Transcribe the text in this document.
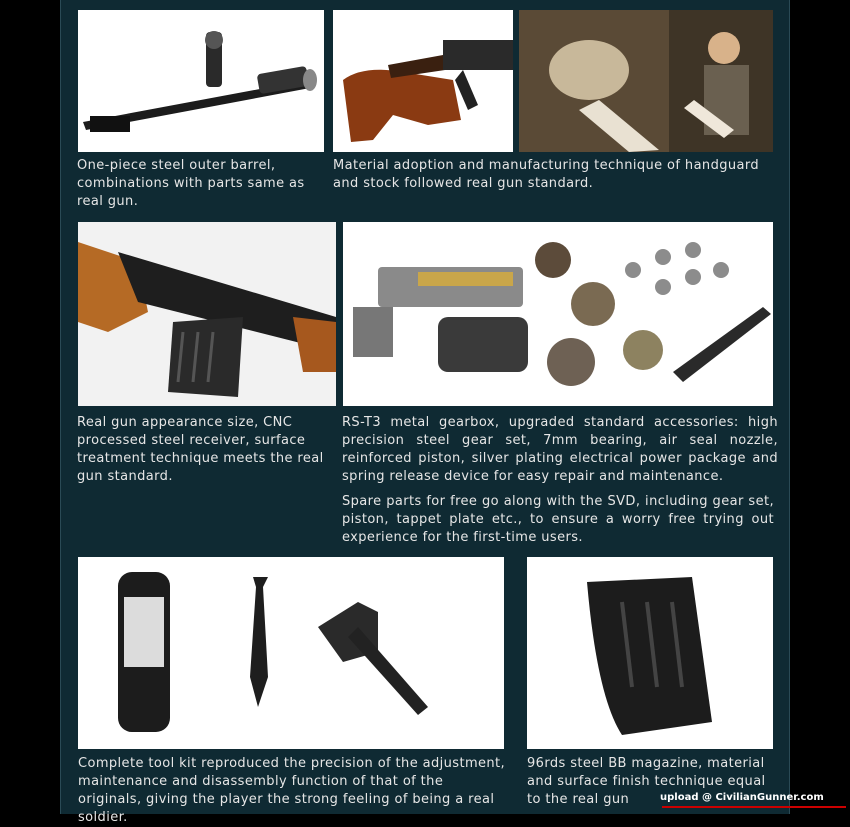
One-piece steel outer barrel, combinations with parts same as real gun.

Material adoption and manufacturing technique of handguard and stock followed real gun standard.

Real gun appearance size, CNC processed steel receiver, surface treatment technique meets the real gun standard.

RS-T3 metal gearbox, upgraded standard accessories: high precision steel gear set, 7mm bearing, air seal nozzle, reinforced piston, silver plating electrical power package and spring release device for easy repair and maintenance.

Spare parts for free go along with the SVD, including gear set, piston, tappet plate etc., to ensure a worry free trying out experience for the first-time users.

Complete tool kit reproduced the precision of the adjustment, maintenance and disassembly function of that of the originals, giving the player the strong feeling of being a real soldier.

96rds steel BB magazine, material and surface finish technique equal to the real gun	upload @ CivilianGunner.com
